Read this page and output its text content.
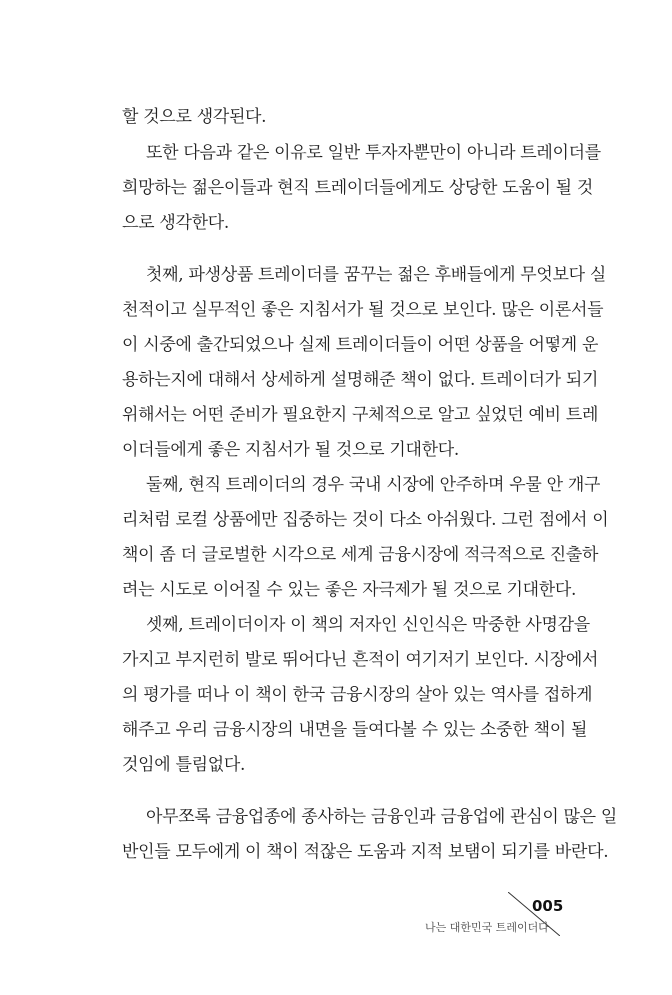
할 것으로 생각된다.
또한 다음과 같은 이유로 일반 투자자뿐만이 아니라 트레이더를
희망하는 젊은이들과 현직 트레이더들에게도 상당한 도움이 될 것
으로 생각한다.
첫째, 파생상품 트레이더를 꿈꾸는 젊은 후배들에게 무엇보다 실
천적이고 실무적인 좋은 지침서가 될 것으로 보인다. 많은 이론서들
이 시중에 출간되었으나 실제 트레이더들이 어떤 상품을 어떻게 운
용하는지에 대해서 상세하게 설명해준 책이 없다. 트레이더가 되기
위해서는 어떤 준비가 필요한지 구체적으로 알고 싶었던 예비 트레
이더들에게 좋은 지침서가 될 것으로 기대한다.
둘째, 현직 트레이더의 경우 국내 시장에 안주하며 우물 안 개구
리처럼 로컬 상품에만 집중하는 것이 다소 아쉬웠다. 그런 점에서 이
책이 좀 더 글로벌한 시각으로 세계 금융시장에 적극적으로 진출하
려는 시도로 이어질 수 있는 좋은 자극제가 될 것으로 기대한다.
셋째, 트레이더이자 이 책의 저자인 신인식은 막중한 사명감을
가지고 부지런히 발로 뛰어다닌 흔적이 여기저기 보인다. 시장에서
의 평가를 떠나 이 책이 한국 금융시장의 살아 있는 역사를 접하게
해주고 우리 금융시장의 내면을 들여다볼 수 있는 소중한 책이 될
것임에 틀림없다.
아무쪼록 금융업종에 종사하는 금융인과 금융업에 관심이 많은 일
반인들 모두에게 이 책이 적잖은 도움과 지적 보탬이 되기를 바란다.
005
나는 대한민국 트레이더다
